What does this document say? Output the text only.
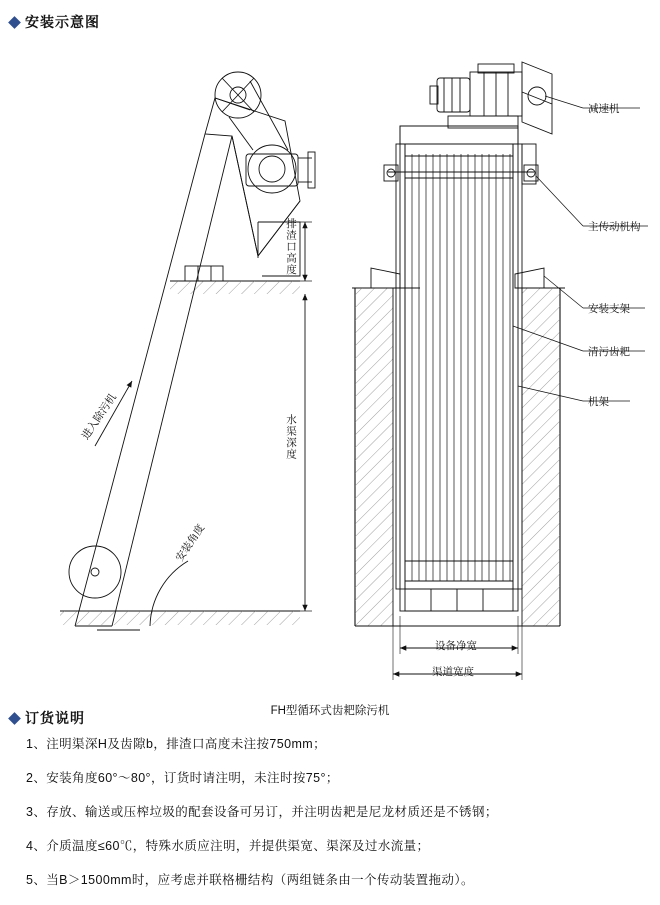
安装示意图
订货说明
排渣口高度
水渠深度
进入除污机
安装角度
减速机
主传动机构
安装支架
清污齿耙
机架
设备净宽
渠道宽度
FH型循环式齿耙除污机
1、注明渠深H及齿隙b，排渣口高度未注按750mm；
2、安装角度60°～80°，订货时请注明，未注时按75°；
3、存放、输送或压榨垃圾的配套设备可另订，并注明齿耙是尼龙材质还是不锈钢；
4、介质温度≤60℃，特殊水质应注明，并提供渠宽、渠深及过水流量；
5、当B＞1500mm时，应考虑并联格栅结构（两组链条由一个传动装置拖动）。
